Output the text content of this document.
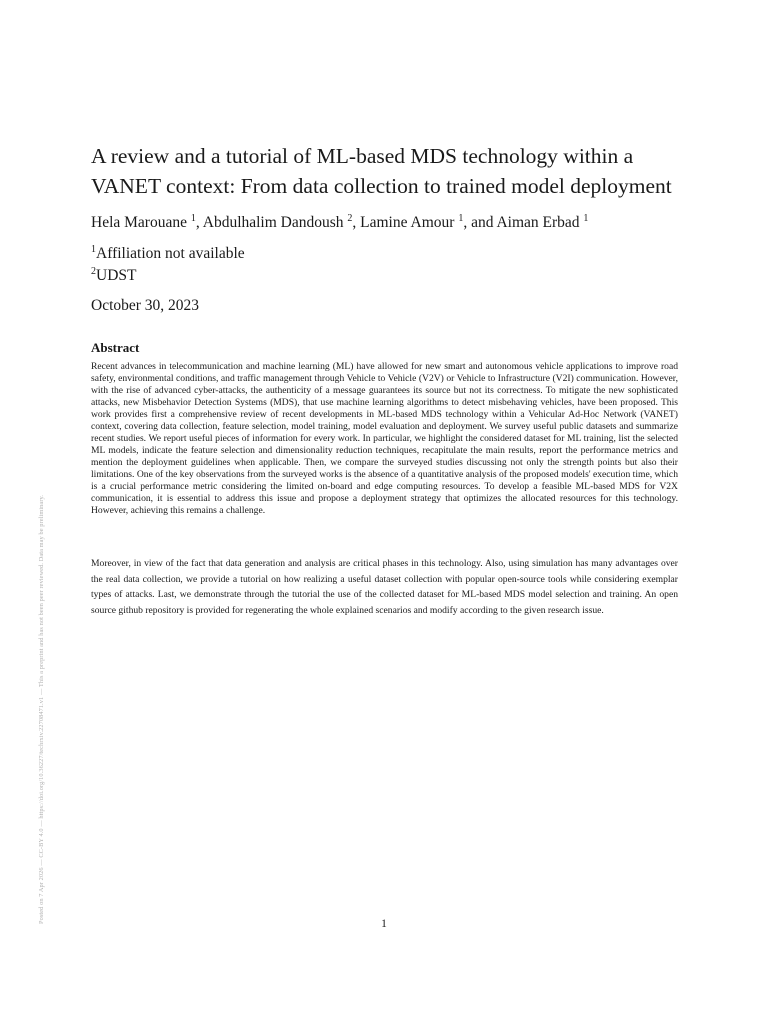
Posted on 7 Apr 2026 — CC-BY 4.0 — https://doi.org/10.36227/techrxiv.22708471.v1 — This a preprint and has not been peer reviewed. Data may be preliminary.
A review and a tutorial of ML-based MDS technology within a VANET context: From data collection to trained model deployment
Hela Marouane $^1$, Abdulhalim Dandoush $^2$, Lamine Amour $^1$, and Aiman Erbad $^1$
$^1$Affiliation not available
$^2$UDST
October 30, 2023
Abstract

Recent advances in telecommunication and machine learning (ML) have allowed for new smart and autonomous vehicle applications to improve road safety, environmental conditions, and traffic management through Vehicle to Vehicle (V2V) or Vehicle to Infrastructure (V2I) communication. However, with the rise of advanced cyber-attacks, the authenticity of a message guarantees its source but not its correctness. To mitigate the new sophisticated attacks, new Misbehavior Detection Systems (MDS), that use machine learning algorithms to detect misbehaving vehicles, have been proposed. This work provides first a comprehensive review of recent developments in ML-based MDS technology within a Vehicular Ad-Hoc Network (VANET) context, covering data collection, feature selection, model training, model evaluation and deployment. We survey useful public datasets and summarize recent studies. We report useful pieces of information for every work. In particular, we highlight the considered dataset for ML training, list the selected ML models, indicate the feature selection and dimensionality reduction techniques, recapitulate the main results, report the performance metrics and mention the deployment guidelines when applicable. Then, we compare the surveyed studies discussing not only the strength points but also their limitations. One of the key observations from the surveyed works is the absence of a quantitative analysis of the proposed models' execution time, which is a crucial performance metric considering the limited on-board and edge computing resources. To develop a feasible ML-based MDS for V2X communication, it is essential to address this issue and propose a deployment strategy that optimizes the allocated resources for this technology. However, achieving this remains a challenge.

Moreover, in view of the fact that data generation and analysis are critical phases in this technology. Also, using simulation has many advantages over the real data collection, we provide a tutorial on how realizing a useful dataset collection with popular open-source tools while considering exemplar types of attacks. Last, we demonstrate through the tutorial the use of the collected dataset for ML-based MDS model selection and training. An open source github repository is provided for regenerating the whole explained scenarios and modify according to the given research issue.

1
